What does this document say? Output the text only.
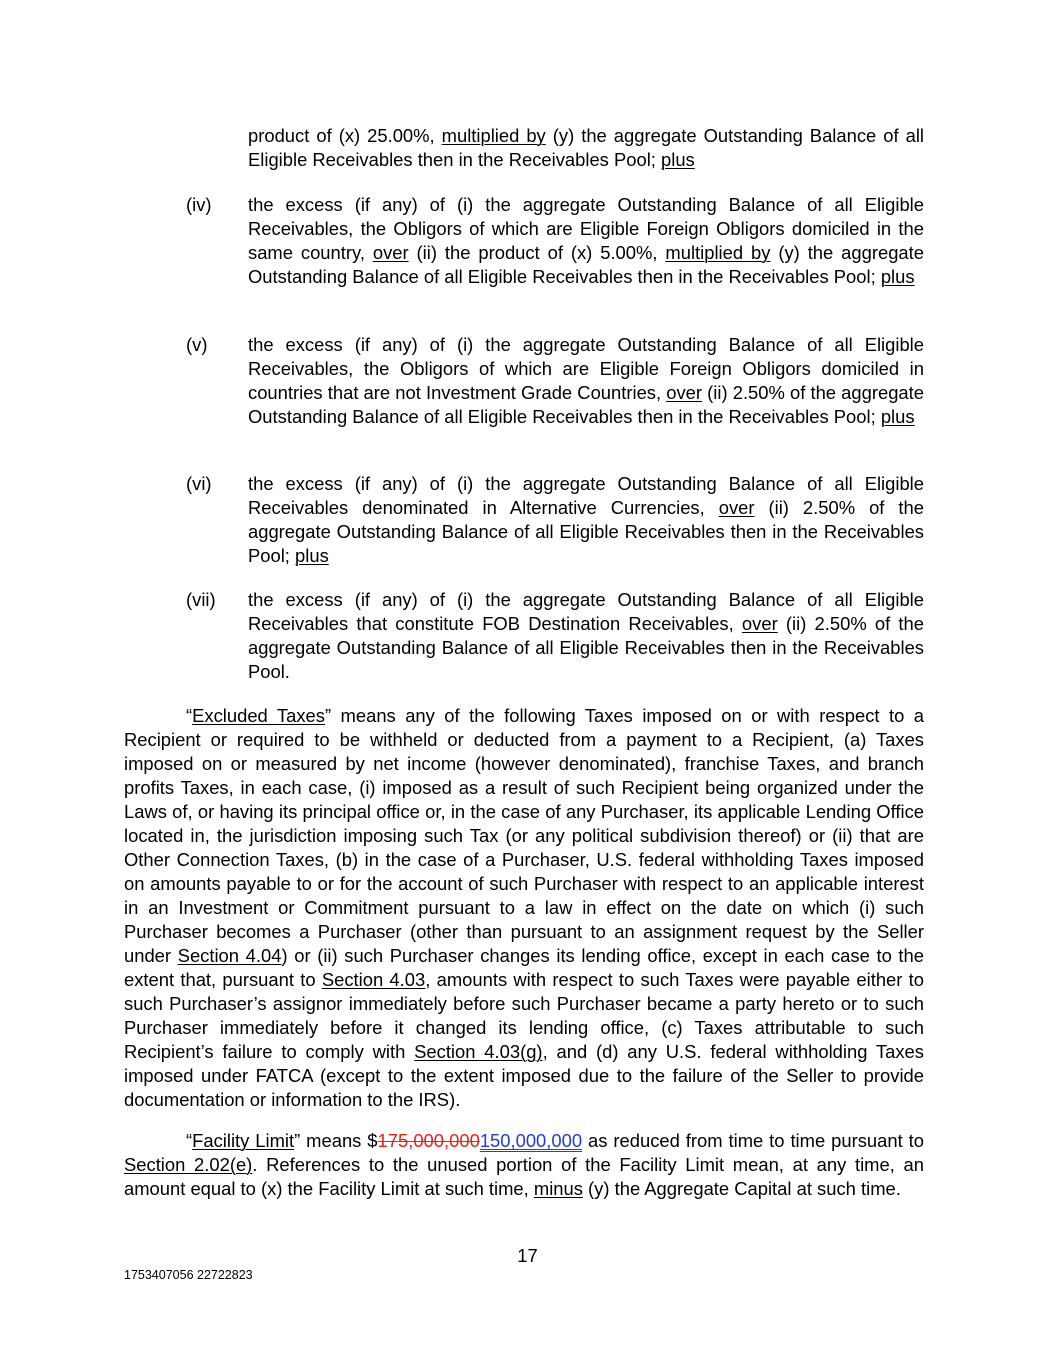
product of (x) 25.00%, multiplied by (y) the aggregate Outstanding Balance of all Eligible Receivables then in the Receivables Pool; plus
(iv) the excess (if any) of (i) the aggregate Outstanding Balance of all Eligible Receivables, the Obligors of which are Eligible Foreign Obligors domiciled in the same country, over (ii) the product of (x) 5.00%, multiplied by (y) the aggregate Outstanding Balance of all Eligible Receivables then in the Receivables Pool; plus
(v) the excess (if any) of (i) the aggregate Outstanding Balance of all Eligible Receivables, the Obligors of which are Eligible Foreign Obligors domiciled in countries that are not Investment Grade Countries, over (ii) 2.50% of the aggregate Outstanding Balance of all Eligible Receivables then in the Receivables Pool; plus
(vi) the excess (if any) of (i) the aggregate Outstanding Balance of all Eligible Receivables denominated in Alternative Currencies, over (ii) 2.50% of the aggregate Outstanding Balance of all Eligible Receivables then in the Receivables Pool; plus
(vii) the excess (if any) of (i) the aggregate Outstanding Balance of all Eligible Receivables that constitute FOB Destination Receivables, over (ii) 2.50% of the aggregate Outstanding Balance of all Eligible Receivables then in the Receivables Pool.
“Excluded Taxes” means any of the following Taxes imposed on or with respect to a Recipient or required to be withheld or deducted from a payment to a Recipient, (a) Taxes imposed on or measured by net income (however denominated), franchise Taxes, and branch profits Taxes, in each case, (i) imposed as a result of such Recipient being organized under the Laws of, or having its principal office or, in the case of any Purchaser, its applicable Lending Office located in, the jurisdiction imposing such Tax (or any political subdivision thereof) or (ii) that are Other Connection Taxes, (b) in the case of a Purchaser, U.S. federal withholding Taxes imposed on amounts payable to or for the account of such Purchaser with respect to an applicable interest in an Investment or Commitment pursuant to a law in effect on the date on which (i) such Purchaser becomes a Purchaser (other than pursuant to an assignment request by the Seller under Section 4.04) or (ii) such Purchaser changes its lending office, except in each case to the extent that, pursuant to Section 4.03, amounts with respect to such Taxes were payable either to such Purchaser’s assignor immediately before such Purchaser became a party hereto or to such Purchaser immediately before it changed its lending office, (c) Taxes attributable to such Recipient’s failure to comply with Section 4.03(g), and (d) any U.S. federal withholding Taxes imposed under FATCA (except to the extent imposed due to the failure of the Seller to provide documentation or information to the IRS).
“Facility Limit” means $175,000,000150,000,000 as reduced from time to time pursuant to Section 2.02(e). References to the unused portion of the Facility Limit mean, at any time, an amount equal to (x) the Facility Limit at such time, minus (y) the Aggregate Capital at such time.
17
1753407056 22722823
